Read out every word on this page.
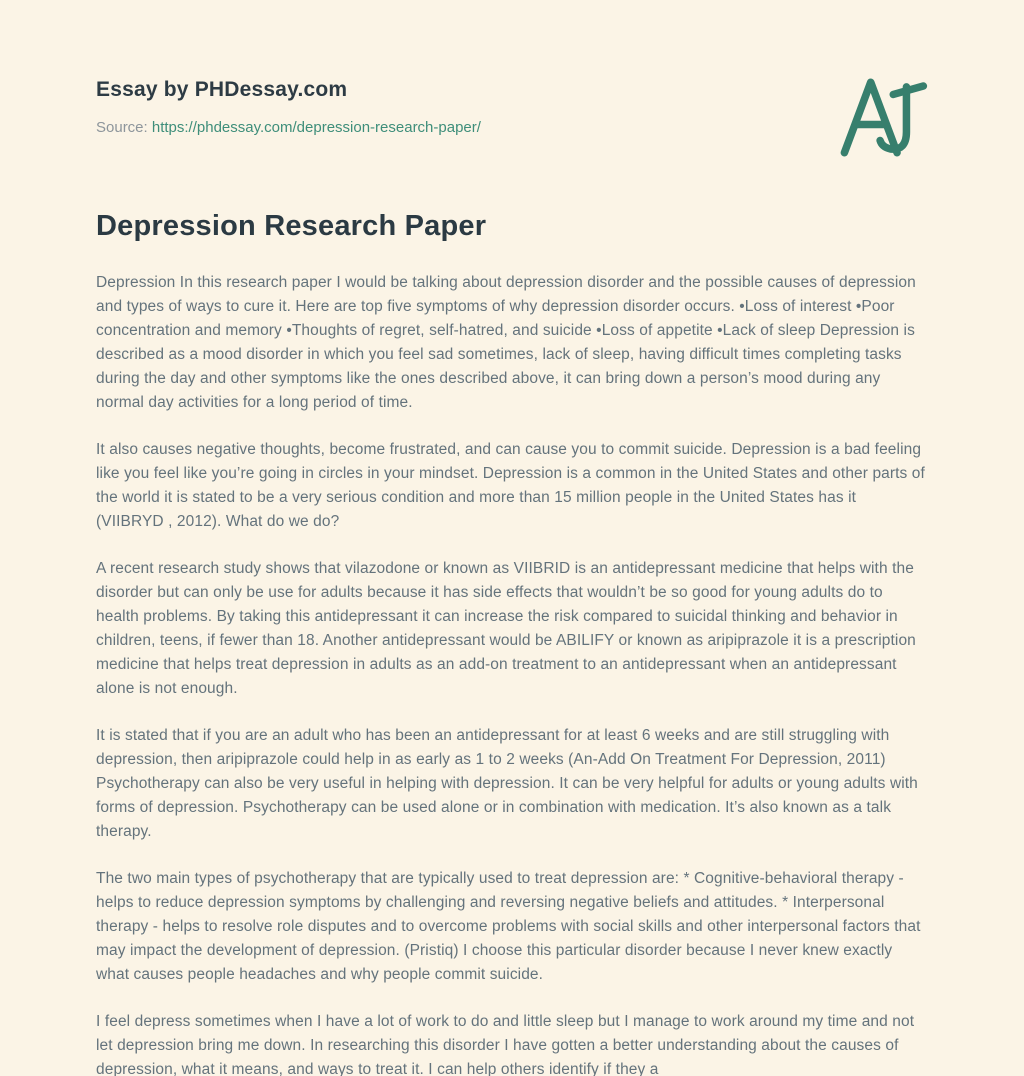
Essay by PHDessay.com
Source: https://phdessay.com/depression-research-paper/
Depression Research Paper

Depression In this research paper I would be talking about depression disorder and the possible causes of depression and types of ways to cure it. Here are top five symptoms of why depression disorder occurs. •Loss of interest •Poor concentration and memory •Thoughts of regret, self-hatred, and suicide •Loss of appetite •Lack of sleep Depression is described as a mood disorder in which you feel sad sometimes, lack of sleep, having difficult times completing tasks during the day and other symptoms like the ones described above, it can bring down a person’s mood during any normal day activities for a long period of time.

It also causes negative thoughts, become frustrated, and can cause you to commit suicide. Depression is a bad feeling like you feel like you’re going in circles in your mindset. Depression is a common in the United States and other parts of the world it is stated to be a very serious condition and more than 15 million people in the United States has it (VIIBRYD , 2012). What do we do?

A recent research study shows that vilazodone or known as VIIBRID is an antidepressant medicine that helps with the disorder but can only be use for adults because it has side effects that wouldn’t be so good for young adults do to health problems. By taking this antidepressant it can increase the risk compared to suicidal thinking and behavior in children, teens, if fewer than 18. Another antidepressant would be ABILIFY or known as aripiprazole it is a prescription medicine that helps treat depression in adults as an add-on treatment to an antidepressant when an antidepressant alone is not enough.

It is stated that if you are an adult who has been an antidepressant for at least 6 weeks and are still struggling with depression, then aripiprazole could help in as early as 1 to 2 weeks (An-Add On Treatment For Depression, 2011) Psychotherapy can also be very useful in helping with depression. It can be very helpful for adults or young adults with forms of depression. Psychotherapy can be used alone or in combination with medication. It’s also known as a talk therapy.

The two main types of psychotherapy that are typically used to treat depression are: * Cognitive-behavioral therapy - helps to reduce depression symptoms by challenging and reversing negative beliefs and attitudes. * Interpersonal therapy - helps to resolve role disputes and to overcome problems with social skills and other interpersonal factors that may impact the development of depression. (Pristiq) I choose this particular disorder because I never knew exactly what causes people headaches and why people commit suicide.

I feel depress sometimes when I have a lot of work to do and little sleep but I manage to work around my time and not let depression bring me down. In researching this disorder I have gotten a better understanding about the causes of depression, what it means, and ways to treat it. I can help others identify if they a
